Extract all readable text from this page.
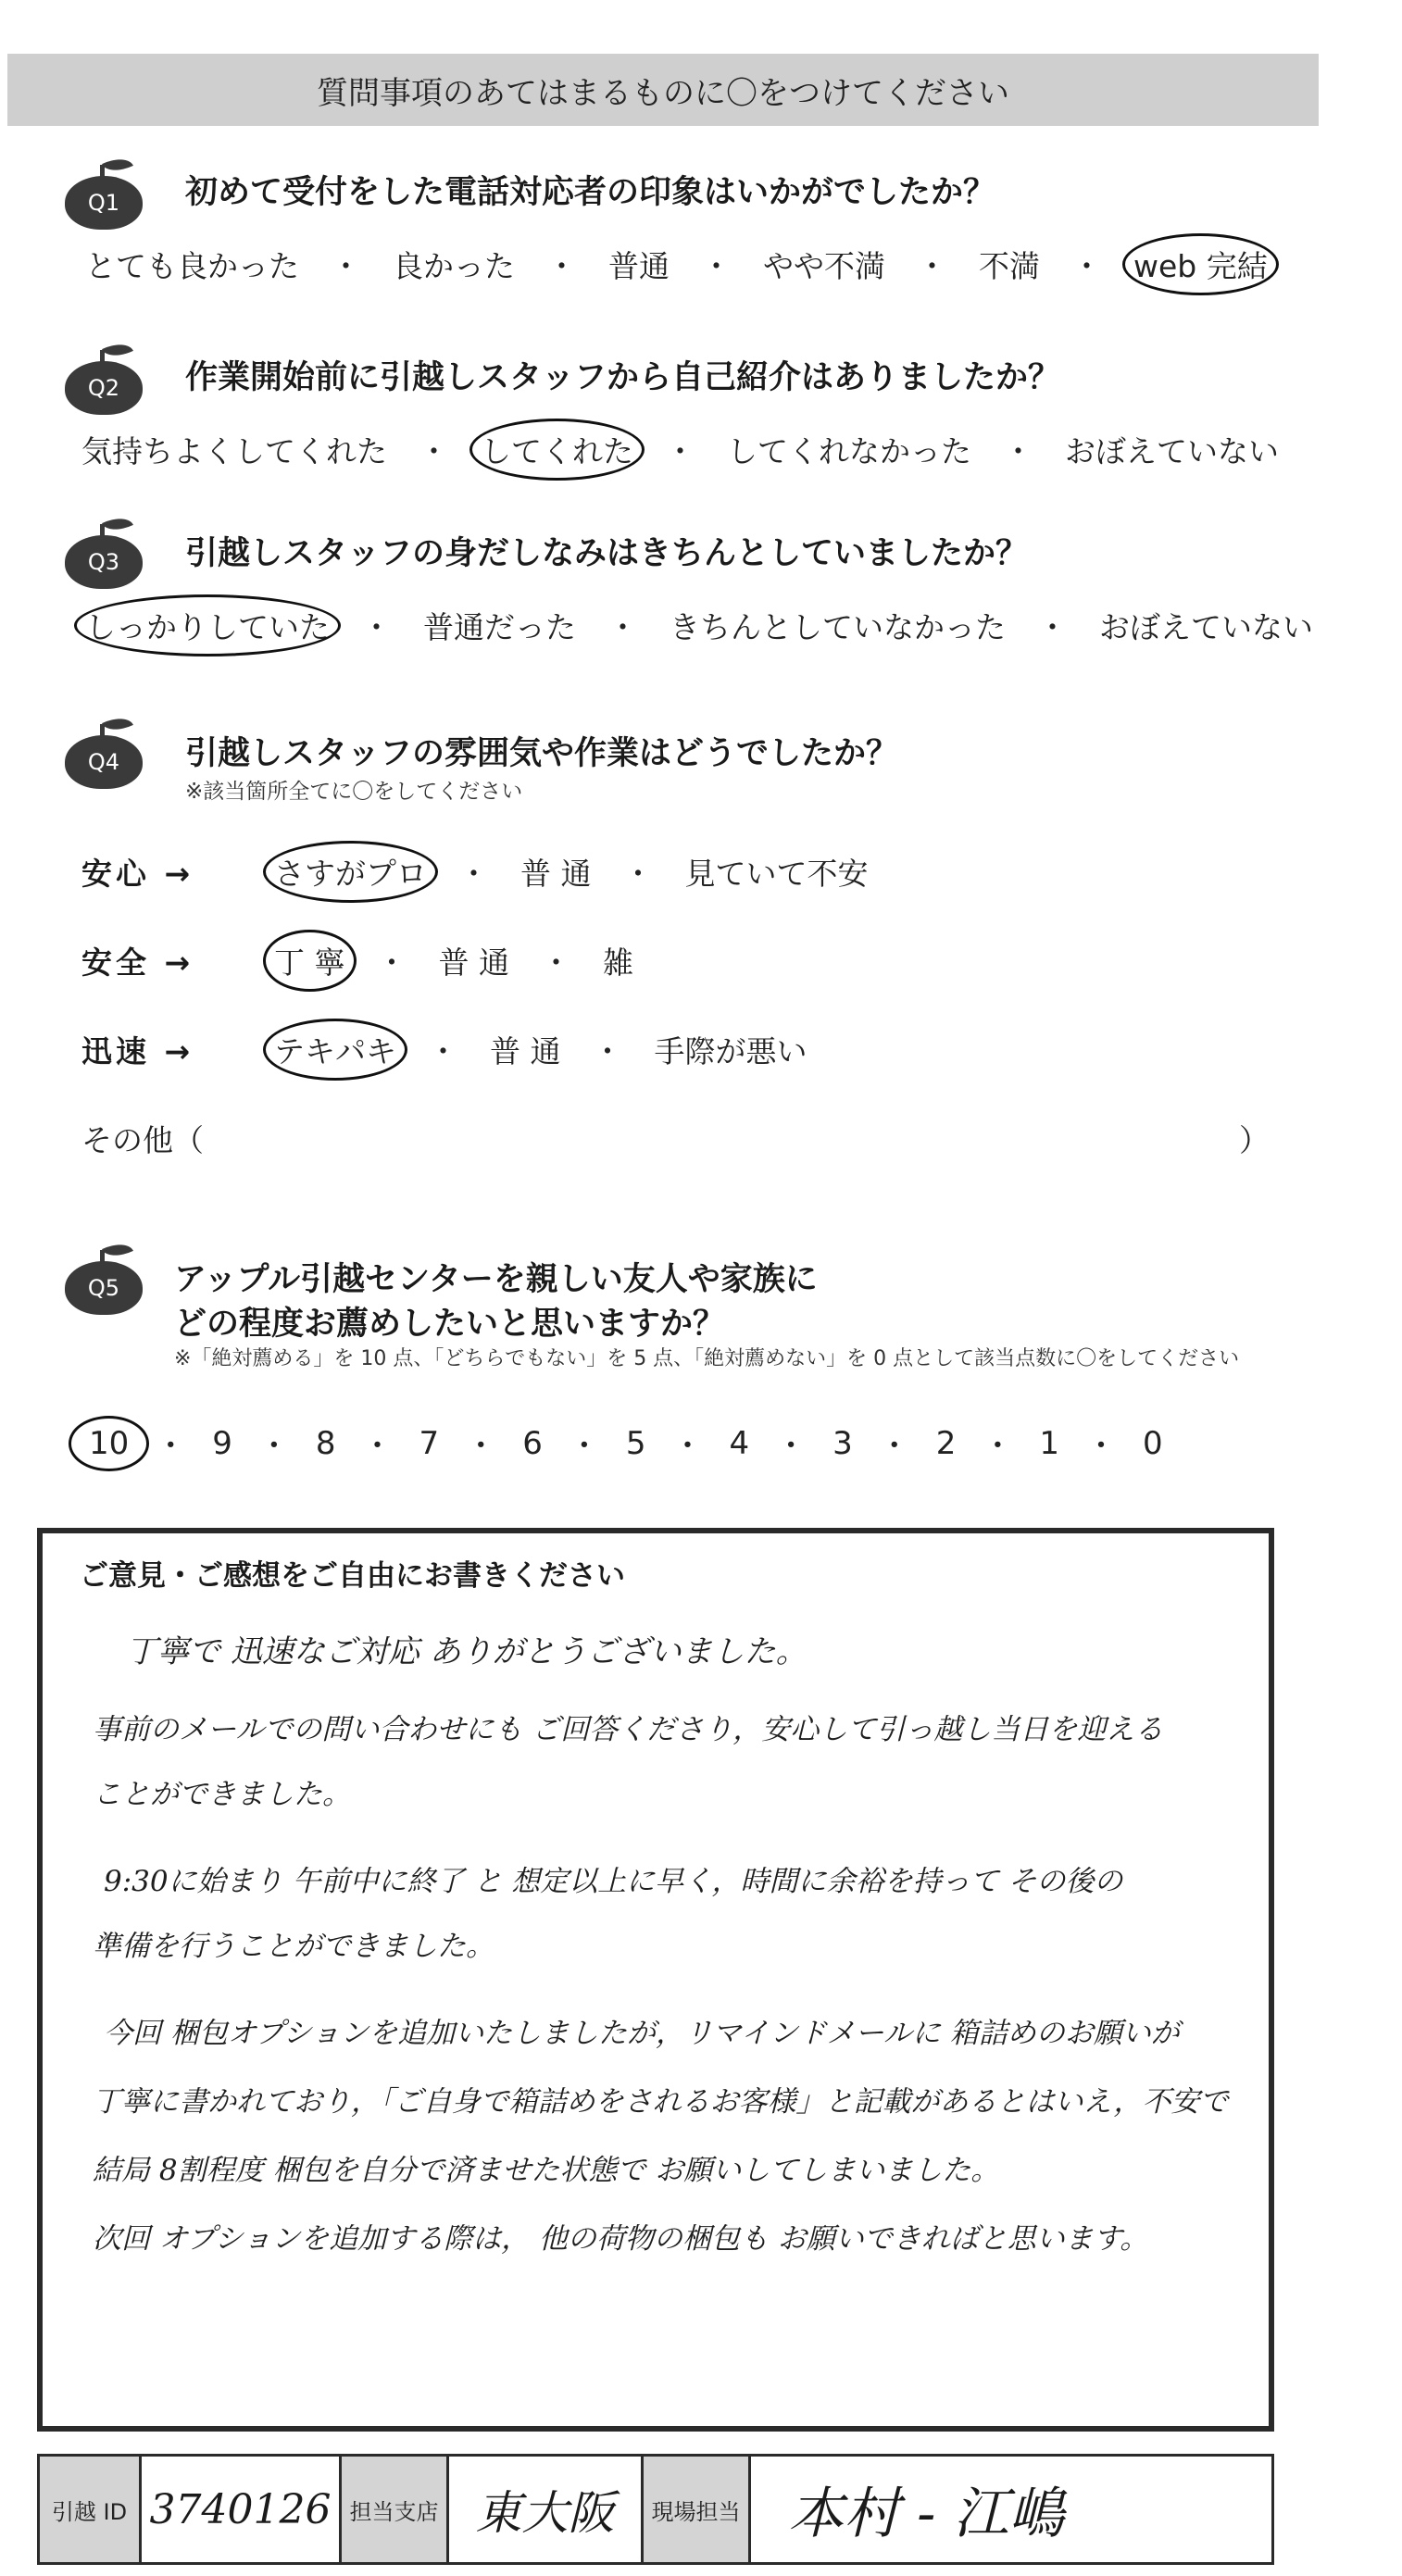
質問事項のあてはまるものに〇をつけてください
Q1	初めて受付をした電話対応者の印象はいかがでしたか？
とても良かった ・ 良かった ・ 普通 ・ やや不満 ・ 不満 ・ web 完結
Q2	作業開始前に引越しスタッフから自己紹介はありましたか？
気持ちよくしてくれた ・ してくれた ・ してくれなかった ・ おぼえていない
Q3	引越しスタッフの身だしなみはきちんとしていましたか？
しっかりしていた ・ 普通だった ・ きちんとしていなかった ・ おぼえていない
Q4	引越しスタッフの雰囲気や作業はどうでしたか？
※該当箇所全てに〇をしてください
安心 →	さすがプロ ・ 普 通 ・ 見ていて不安
安全 →	丁 寧 ・ 普 通 ・ 雑
迅速 →	テキパキ ・ 普 通 ・ 手際が悪い
その他（	）
Q5	アップル引越センターを親しい友人や家族に
どの程度お薦めしたいと思いますか？
※「絶対薦める」を 10 点、「どちらでもない」を 5 点、「絶対薦めない」を 0 点として該当点数に〇をしてください
10 ・ 9 ・ 8 ・ 7 ・ 6 ・ 5 ・ 4 ・ 3 ・ 2 ・ 1 ・ 0
ご意見・ご感想をご自由にお書きください
丁寧で 迅速なご対応 ありがとうございました。
事前のメールでの問い合わせにも ご回答くださり，安心して引っ越し当日を迎える
ことができました。
9:30に始まり 午前中に終了 と 想定以上に早く，時間に余裕を持って その後の
準備を行うことができました。
今回 梱包オプションを追加いたしましたが，リマインドメールに 箱詰めのお願いが
丁寧に書かれており，「ご自身で箱詰めをされるお客様」と記載があるとはいえ，不安で
結局 8割程度 梱包を自分で済ませた状態で お願いしてしまいました。
次回 オプションを追加する際は， 他の荷物の梱包も お願いできればと思います。
引越 ID 3740126 担当支店 東大阪	現場担当 本村 - 江嶋
